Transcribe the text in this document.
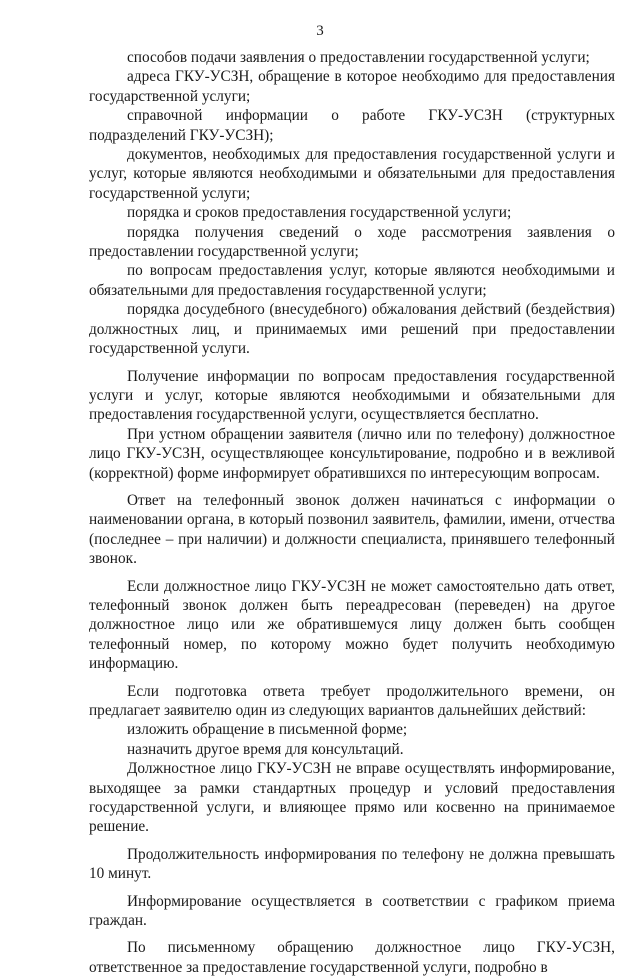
3

способов подачи заявления о предоставлении государственной услуги;

адреса ГКУ-УСЗН, обращение в которое необходимо для предоставления государственной услуги;

справочной информации о работе ГКУ-УСЗН (структурных подразделений ГКУ-УСЗН);

документов, необходимых для предоставления государственной услуги и услуг, которые являются необходимыми и обязательными для предоставления государственной услуги;

порядка и сроков предоставления государственной услуги;

порядка получения сведений о ходе рассмотрения заявления о предоставлении государственной услуги;

по вопросам предоставления услуг, которые являются необходимыми и обязательными для предоставления государственной услуги;

порядка досудебного (внесудебного) обжалования действий (бездействия) должностных лиц, и принимаемых ими решений при предоставлении государственной услуги.

Получение информации по вопросам предоставления государственной услуги и услуг, которые являются необходимыми и обязательными для предоставления государственной услуги, осуществляется бесплатно.

При устном обращении заявителя (лично или по телефону) должностное лицо ГКУ-УСЗН, осуществляющее консультирование, подробно и в вежливой (корректной) форме информирует обратившихся по интересующим вопросам.

Ответ на телефонный звонок должен начинаться с информации о наименовании органа, в который позвонил заявитель, фамилии, имени, отчества (последнее – при наличии) и должности специалиста, принявшего телефонный звонок.

Если должностное лицо ГКУ-УСЗН не может самостоятельно дать ответ, телефонный звонок должен быть переадресован (переведен) на другое должностное лицо или же обратившемуся лицу должен быть сообщен телефонный номер, по которому можно будет получить необходимую информацию.

Если подготовка ответа требует продолжительного времени, он предлагает заявителю один из следующих вариантов дальнейших действий:

изложить обращение в письменной форме;

назначить другое время для консультаций.

Должностное лицо ГКУ-УСЗН не вправе осуществлять информирование, выходящее за рамки стандартных процедур и условий предоставления государственной услуги, и влияющее прямо или косвенно на принимаемое решение.

Продолжительность информирования по телефону не должна превышать 10 минут.

Информирование осуществляется в соответствии с графиком приема граждан.

По письменному обращению должностное лицо ГКУ-УСЗН, ответственное за предоставление государственной услуги, подробно в
